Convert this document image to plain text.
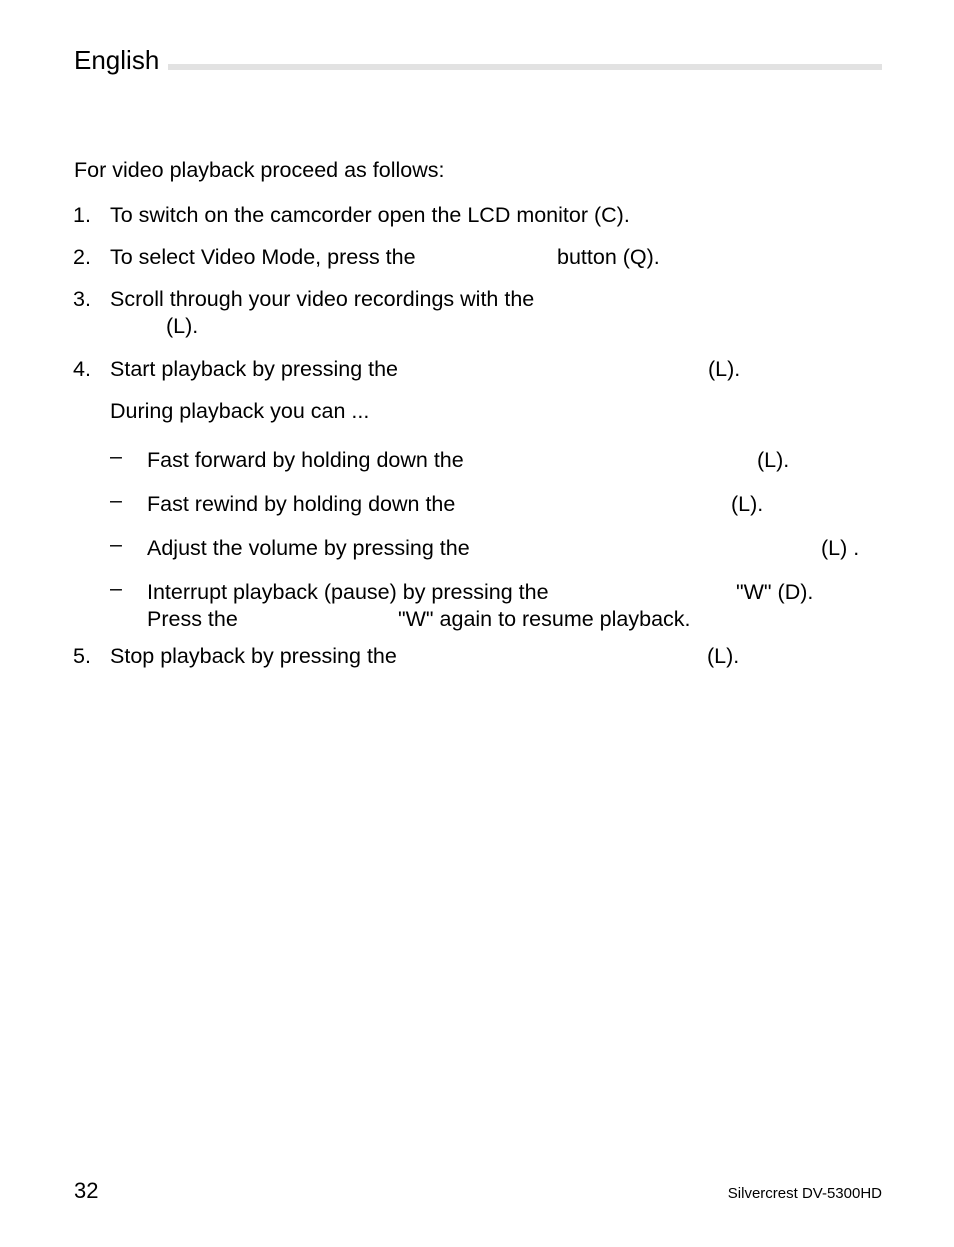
English
For video playback proceed as follows:
1. To switch on the camcorder open the LCD monitor (C).
2. To select Video Mode, press the	button (Q).
3. Scroll through your video recordings with the
(L).
4. Start playback by pressing the	(L).
During playback you can ...
– Fast forward by holding down the	(L).
– Fast rewind by holding down the	(L).
– Adjust the volume by pressing the	(L) .
– Interrupt playback (pause) by pressing the	"W" (D).
Press the	"W" again to resume playback.
5. Stop playback by pressing the	(L).
32	Silvercrest DV-5300HD
